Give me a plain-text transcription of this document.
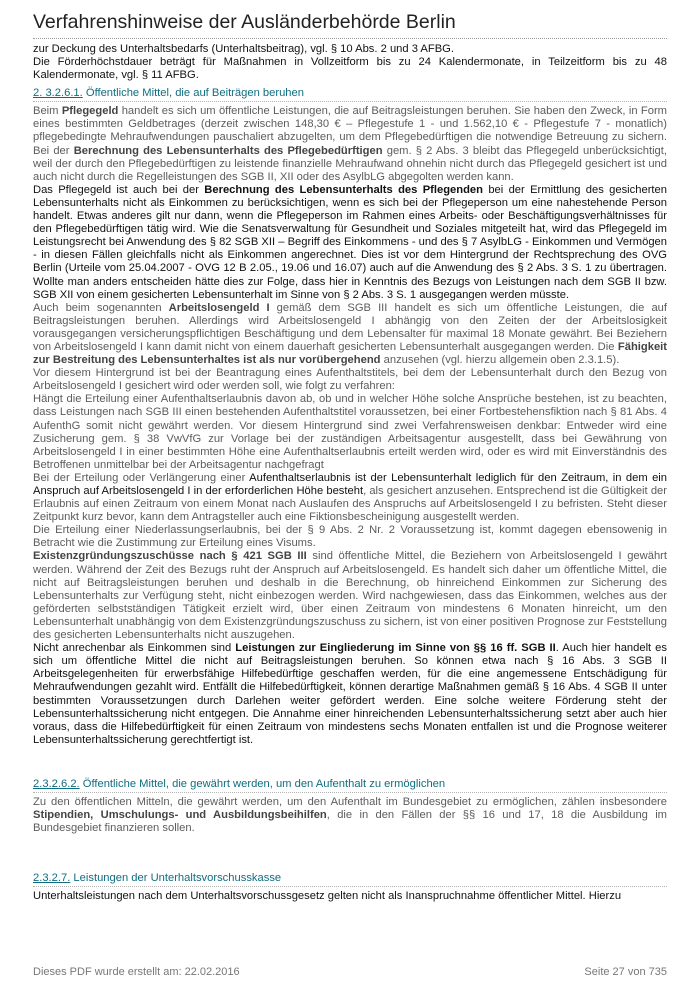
Verfahrenshinweise der Ausländerbehörde Berlin

zur Deckung des Unterhaltsbedarfs (Unterhaltsbeitrag), vgl. § 10 Abs. 2 und 3 AFBG.

Die Förderhöchstdauer beträgt für Maßnahmen in Vollzeitform bis zu 24 Kalendermonate, in Teilzeitform bis zu 48 Kalendermonate, vgl. § 11 AFBG.

2. 3.2.6.1. Öffentliche Mittel, die auf Beiträgen beruhen

Beim Pflegegeld handelt es sich um öffentliche Leistungen, die auf Beitragsleistungen beruhen. Sie haben den Zweck, in Form eines bestimmten Geldbetrages (derzeit zwischen 148,30 € – Pflegestufe 1 - und 1.562,10 € - Pflegestufe 7 - monatlich) pflegebedingte Mehraufwendungen pauschaliert abzugelten, um dem Pflegebedürftigen die notwendige Betreuung zu sichern. Bei der Berechnung des Lebensunterhalts des Pflegebedürftigen gem. § 2 Abs. 3 bleibt das Pflegegeld unberücksichtigt, weil der durch den Pflegebedürftigen zu leistende finanzielle Mehraufwand ohnehin nicht durch das Pflegegeld gesichert ist und auch nicht durch die Regelleistungen des SGB II, XII oder des AsylbLG abgegolten werden kann.

Das Pflegegeld ist auch bei der Berechnung des Lebensunterhalts des Pflegenden bei der Ermittlung des gesicherten Lebensunterhalts nicht als Einkommen zu berücksichtigen, wenn es sich bei der Pflegeperson um eine nahestehende Person handelt. Etwas anderes gilt nur dann, wenn die Pflegeperson im Rahmen eines Arbeits- oder Beschäftigungsverhältnisses für den Pflegebedürftigen tätig wird. Wie die Senatsverwaltung für Gesundheit und Soziales mitgeteilt hat, wird das Pflegegeld im Leistungsrecht bei Anwendung des § 82 SGB XII – Begriff des Einkommens - und des § 7 AsylbLG - Einkommen und Vermögen - in diesen Fällen gleichfalls nicht als Einkommen angerechnet. Dies ist vor dem Hintergrund der Rechtsprechung des OVG Berlin (Urteile vom 25.04.2007 - OVG 12 B 2.05., 19.06 und 16.07) auch auf die Anwendung des § 2 Abs. 3 S. 1 zu übertragen. Wollte man anders entscheiden hätte dies zur Folge, dass hier in Kenntnis des Bezugs von Leistungen nach dem SGB II bzw. SGB XII von einem gesicherten Lebensunterhalt im Sinne von § 2 Abs. 3 S. 1 ausgegangen werden müsste.

Auch beim sogenannten Arbeitslosengeld I gemäß dem SGB III handelt es sich um öffentliche Leistungen, die auf Beitragsleistungen beruhen. Allerdings wird Arbeitslosengeld I abhängig von den Zeiten der der Arbeitslosigkeit vorausgegangen versicherungspflichtigen Beschäftigung und dem Lebensalter für maximal 18 Monate gewährt. Bei Beziehern von Arbeitslosengeld I kann damit nicht von einem dauerhaft gesicherten Lebensunterhalt ausgegangen werden. Die Fähigkeit zur Bestreitung des Lebensunterhaltes ist als nur vorübergehend anzusehen (vgl. hierzu allgemein oben 2.3.1.5).

Vor diesem Hintergrund ist bei der Beantragung eines Aufenthaltstitels, bei dem der Lebensunterhalt durch den Bezug von Arbeitslosengeld I gesichert wird oder werden soll, wie folgt zu verfahren:

Hängt die Erteilung einer Aufenthaltserlaubnis davon ab, ob und in welcher Höhe solche Ansprüche bestehen, ist zu beachten, dass Leistungen nach SGB III einen bestehenden Aufenthaltstitel voraussetzen, bei einer Fortbestehensfiktion nach § 81 Abs. 4 AufenthG somit nicht gewährt werden. Vor diesem Hintergrund sind zwei Verfahrensweisen denkbar: Entweder wird eine Zusicherung gem. § 38 VwVfG zur Vorlage bei der zuständigen Arbeitsagentur ausgestellt, dass bei Gewährung von Arbeitslosengeld I in einer bestimmten Höhe eine Aufenthaltserlaubnis erteilt werden wird, oder es wird mit Einverständnis des Betroffenen unmittelbar bei der Arbeitsagentur nachgefragt

Bei der Erteilung oder Verlängerung einer Aufenthaltserlaubnis ist der Lebensunterhalt lediglich für den Zeitraum, in dem ein Anspruch auf Arbeitslosengeld I in der erforderlichen Höhe besteht, als gesichert anzusehen. Entsprechend ist die Gültigkeit der Erlaubnis auf einen Zeitraum von einem Monat nach Auslaufen des Anspruchs auf Arbeitslosengeld I zu befristen. Steht dieser Zeitpunkt kurz bevor, kann dem Antragsteller auch eine Fiktionsbescheinigung ausgestellt werden.

Die Erteilung einer Niederlassungserlaubnis, bei der § 9 Abs. 2 Nr. 2 Voraussetzung ist, kommt dagegen ebensowenig in Betracht wie die Zustimmung zur Erteilung eines Visums.

Existenzgründungszuschüsse nach § 421 SGB III sind öffentliche Mittel, die Beziehern von Arbeitslosengeld I gewährt werden. Während der Zeit des Bezugs ruht der Anspruch auf Arbeitslosengeld. Es handelt sich daher um öffentliche Mittel, die nicht auf Beitragsleistungen beruhen und deshalb in die Berechnung, ob hinreichend Einkommen zur Sicherung des Lebensunterhalts zur Verfügung steht, nicht einbezogen werden. Wird nachgewiesen, dass das Einkommen, welches aus der geförderten selbstständigen Tätigkeit erzielt wird, über einen Zeitraum von mindestens 6 Monaten hinreicht, um den Lebensunterhalt unabhängig von dem Existenzgründungszuschuss zu sichern, ist von einer positiven Prognose zur Feststellung des gesicherten Lebensunterhalts nicht auszugehen.

Nicht anrechenbar als Einkommen sind Leistungen zur Eingliederung im Sinne von §§ 16 ff. SGB II. Auch hier handelt es sich um öffentliche Mittel die nicht auf Beitragsleistungen beruhen. So können etwa nach § 16 Abs. 3 SGB II Arbeitsgelegenheiten für erwerbsfähige Hilfebedürftige geschaffen werden, für die eine angemessene Entschädigung für Mehraufwendungen gezahlt wird. Entfällt die Hilfebedürftigkeit, können derartige Maßnahmen gemäß § 16 Abs. 4 SGB II unter bestimmten Voraussetzungen durch Darlehen weiter gefördert werden. Eine solche weitere Förderung steht der Lebensunterhaltssicherung nicht entgegen. Die Annahme einer hinreichenden Lebensunterhaltssicherung setzt aber auch hier voraus, dass die Hilfebedürftigkeit für einen Zeitraum von mindestens sechs Monaten entfallen ist und die Prognose weiterer Lebensunterhaltssicherung gerechtfertigt ist.

2.3.2.6.2. Öffentliche Mittel, die gewährt werden, um den Aufenthalt zu ermöglichen

Zu den öffentlichen Mitteln, die gewährt werden, um den Aufenthalt im Bundesgebiet zu ermöglichen, zählen insbesondere Stipendien, Umschulungs- und Ausbildungsbeihilfen, die in den Fällen der §§ 16 und 17, 18 die Ausbildung im Bundesgebiet finanzieren sollen.

2.3.2.7. Leistungen der Unterhaltsvorschusskasse

Unterhaltsleistungen nach dem Unterhaltsvorschussgesetz gelten nicht als Inanspruchnahme öffentlicher Mittel. Hierzu

Dieses PDF wurde erstellt am: 22.02.2016	Seite 27 von 735
